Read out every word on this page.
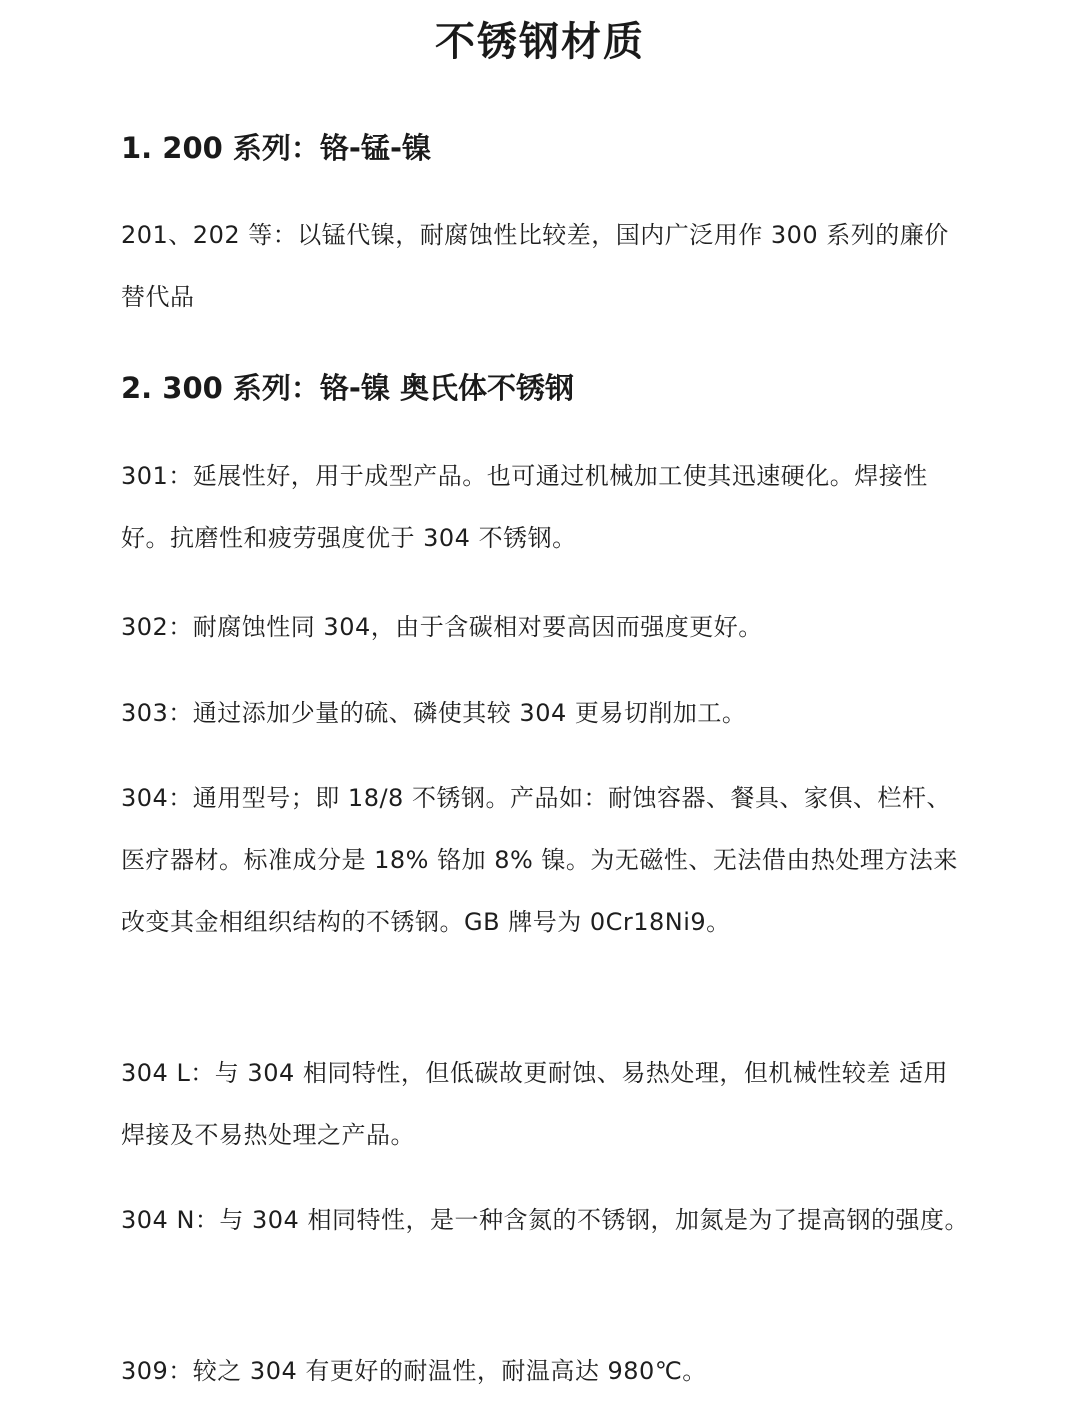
不锈钢材质
1. 200 系列：铬-锰-镍
201、202 等：以锰代镍，耐腐蚀性比较差，国内广泛用作 300 系列的廉价替代品
2. 300 系列：铬-镍 奥氏体不锈钢
301：延展性好，用于成型产品。也可通过机械加工使其迅速硬化。焊接性好。抗磨性和疲劳强度优于 304 不锈钢。
302：耐腐蚀性同 304，由于含碳相对要高因而强度更好。
303：通过添加少量的硫、磷使其较 304 更易切削加工。
304：通用型号；即 18/8 不锈钢。产品如：耐蚀容器、餐具、家俱、栏杆、医疗器材。标准成分是 18% 铬加 8% 镍。为无磁性、无法借由热处理方法来改变其金相组织结构的不锈钢。GB 牌号为 0Cr18Ni9。
304 L：与 304 相同特性，但低碳故更耐蚀、易热处理，但机械性较差 适用焊接及不易热处理之产品。
304 N：与 304 相同特性，是一种含氮的不锈钢，加氮是为了提高钢的强度。
309：较之 304 有更好的耐温性，耐温高达 980℃。
